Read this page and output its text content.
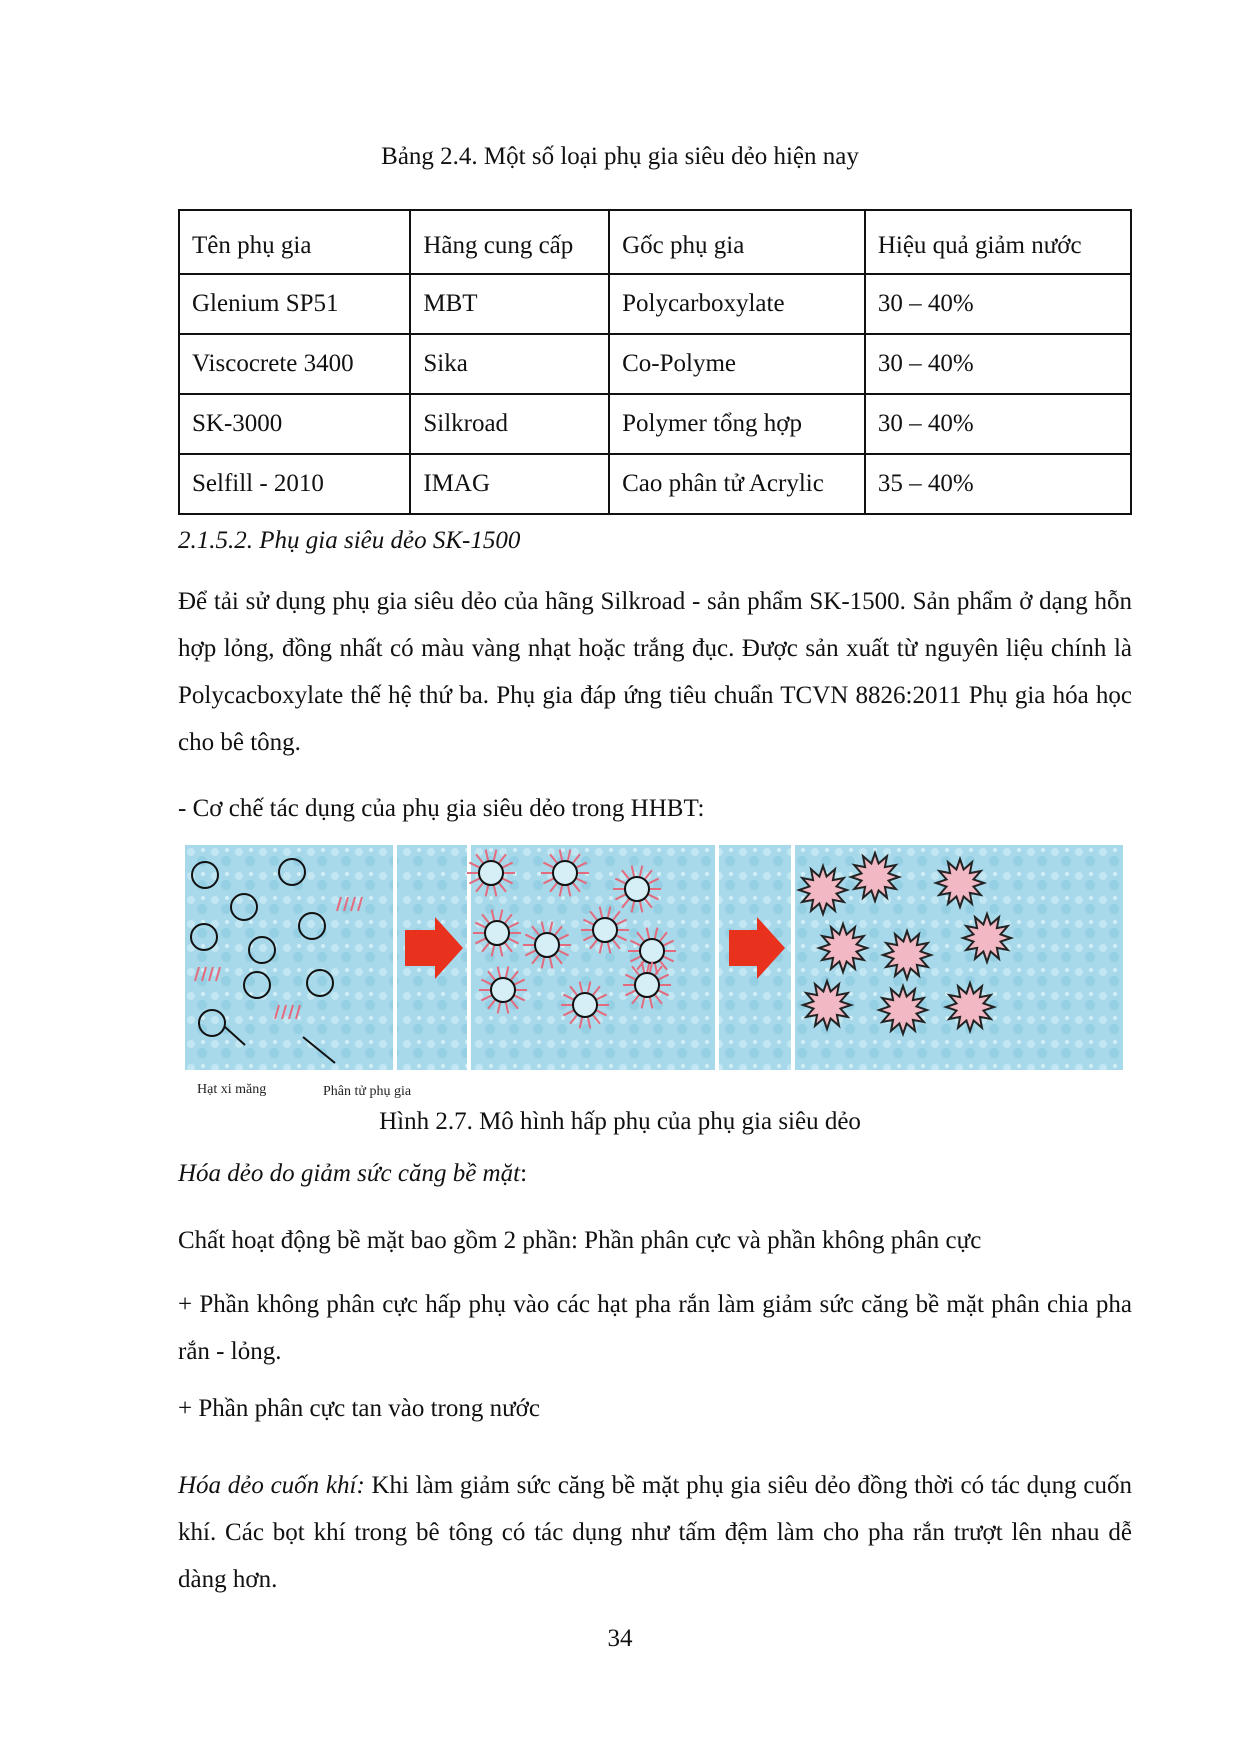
Bảng 2.4. Một số loại phụ gia siêu dẻo hiện nay
Tên phụ gia	Hãng cung cấp	Gốc phụ gia	Hiệu quả giảm nước
Glenium SP51	MBT	Polycarboxylate	30 – 40%
Viscocrete 3400	Sika	Co-Polyme	30 – 40%
SK-3000	Silkroad	Polymer tổng hợp	30 – 40%
Selfill - 2010	IMAG	Cao phân tử Acrylic	35 – 40%
2.1.5.2. Phụ gia siêu dẻo SK-1500
Để tải sử dụng phụ gia siêu dẻo của hãng Silkroad - sản phẩm SK-1500. Sản phẩm ở dạng hỗn hợp lỏng, đồng nhất có màu vàng nhạt hoặc trắng đục. Được sản xuất từ nguyên liệu chính là Polycacboxylate thế hệ thứ ba. Phụ gia đáp ứng tiêu chuẩn TCVN 8826:2011 Phụ gia hóa học cho bê tông.
- Cơ chế tác dụng của phụ gia siêu dẻo trong HHBT:
Hạt xi măng	Phân tử phụ gia
Hình 2.7. Mô hình hấp phụ của phụ gia siêu dẻo
Hóa dẻo do giảm sức căng bề mặt:
Chất hoạt động bề mặt bao gồm 2 phần: Phần phân cực và phần không phân cực
+ Phần không phân cực hấp phụ vào các hạt pha rắn làm giảm sức căng bề mặt phân chia pha rắn - lỏng.
+ Phần phân cực tan vào trong nước
Hóa dẻo cuốn khí: Khi làm giảm sức căng bề mặt phụ gia siêu dẻo đồng thời có tác dụng cuốn khí. Các bọt khí trong bê tông có tác dụng như tấm đệm làm cho pha rắn trượt lên nhau dễ dàng hơn.
34
